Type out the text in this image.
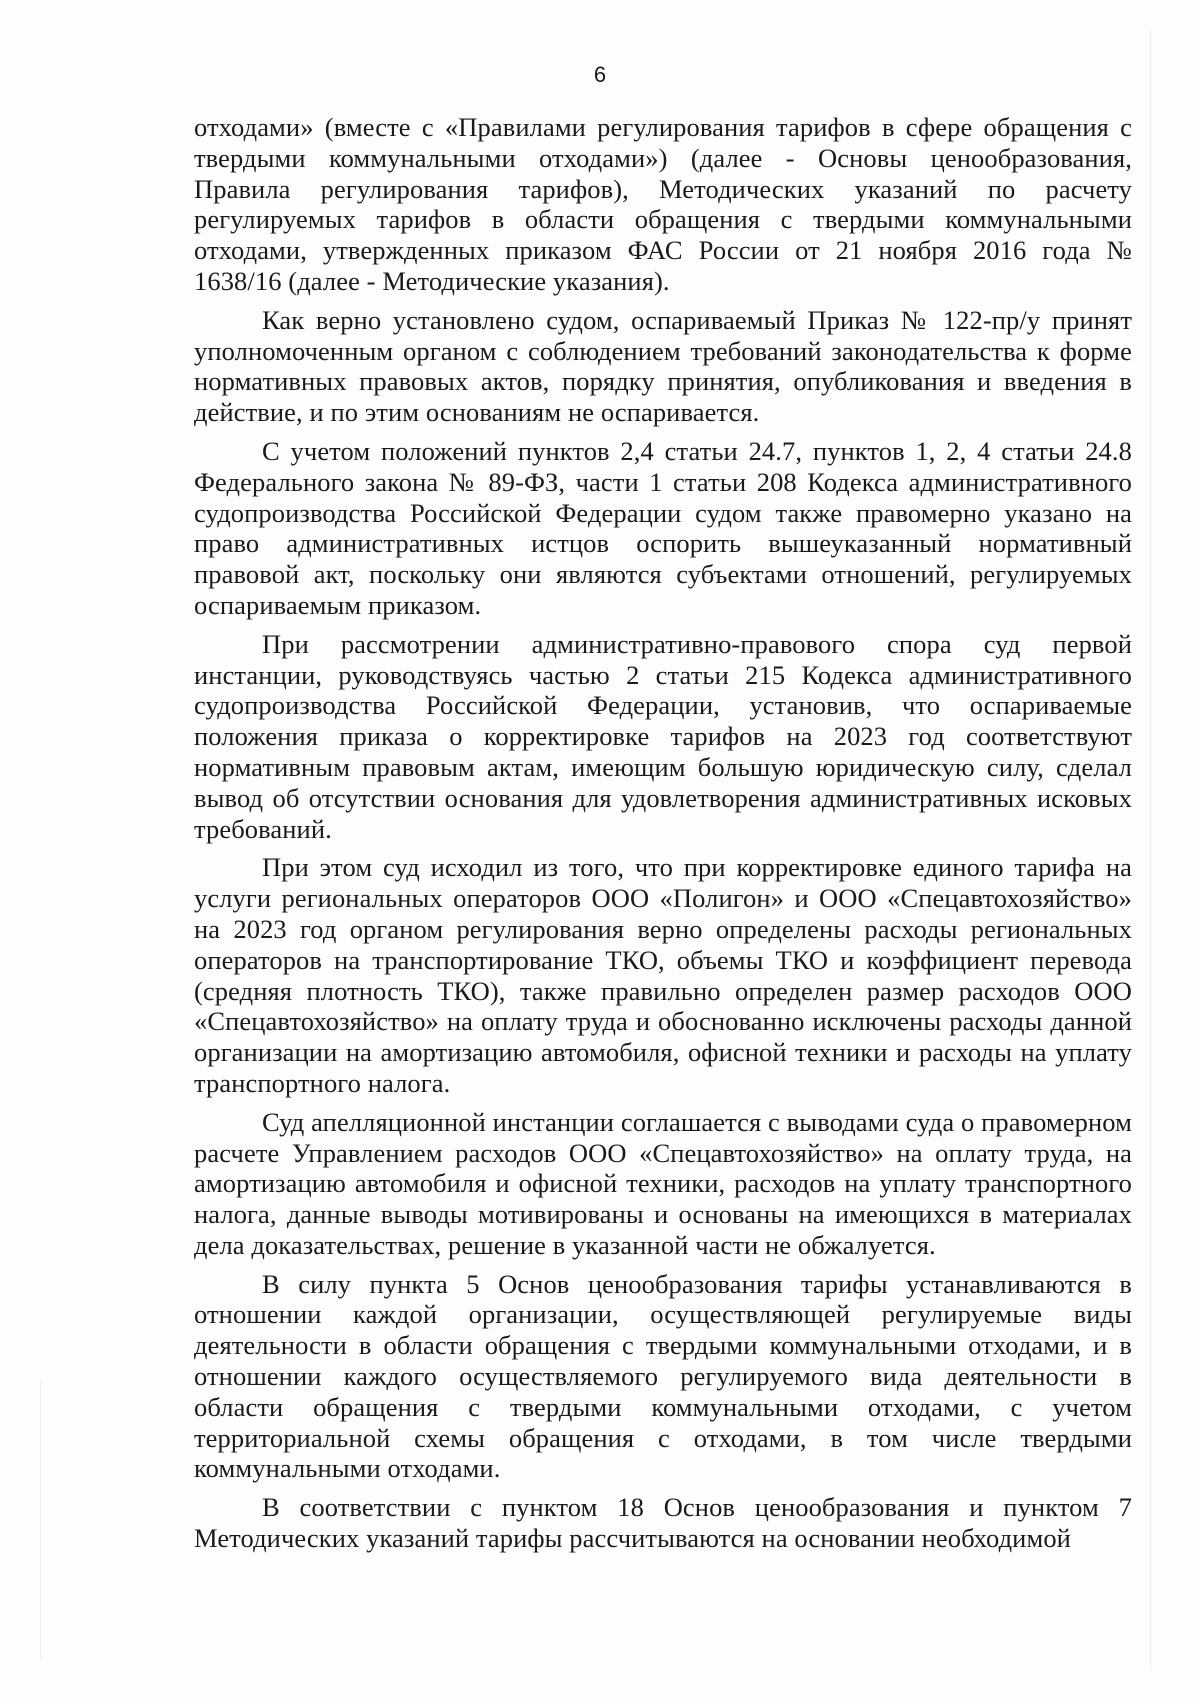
6

отходами» (вместе с «Правилами регулирования тарифов в сфере обращения с твердыми коммунальными отходами») (далее - Основы ценообразования, Правила регулирования тарифов), Методических указаний по расчету регулируемых тарифов в области обращения с твердыми коммунальными отходами, утвержденных приказом ФАС России от 21 ноября 2016 года № 1638/16 (далее - Методические указания).

Как верно установлено судом, оспариваемый Приказ № 122-пр/у принят уполномоченным органом с соблюдением требований законодательства к форме нормативных правовых актов, порядку принятия, опубликования и введения в действие, и по этим основаниям не оспаривается.

С учетом положений пунктов 2,4 статьи 24.7, пунктов 1, 2, 4 статьи 24.8 Федерального закона № 89-ФЗ, части 1 статьи 208 Кодекса административного судопроизводства Российской Федерации судом также правомерно указано на право административных истцов оспорить вышеуказанный нормативный правовой акт, поскольку они являются субъектами отношений, регулируемых оспариваемым приказом.

При рассмотрении административно-правового спора суд первой инстанции, руководствуясь частью 2 статьи 215 Кодекса административного судопроизводства Российской Федерации, установив, что оспариваемые положения приказа о корректировке тарифов на 2023 год соответствуют нормативным правовым актам, имеющим большую юридическую силу, сделал вывод об отсутствии основания для удовлетворения административных исковых требований.

При этом суд исходил из того, что при корректировке единого тарифа на услуги региональных операторов ООО «Полигон» и ООО «Спецавтохозяйство» на 2023 год органом регулирования верно определены расходы региональных операторов на транспортирование ТКО, объемы ТКО и коэффициент перевода (средняя плотность ТКО), также правильно определен размер расходов ООО «Спецавтохозяйство» на оплату труда и обоснованно исключены расходы данной организации на амортизацию автомобиля, офисной техники и расходы на уплату транспортного налога.

Суд апелляционной инстанции соглашается с выводами суда о правомерном расчете Управлением расходов ООО «Спецавтохозяйство» на оплату труда, на амортизацию автомобиля и офисной техники, расходов на уплату транспортного налога, данные выводы мотивированы и основаны на имеющихся в материалах дела доказательствах, решение в указанной части не обжалуется.

В силу пункта 5 Основ ценообразования тарифы устанавливаются в отношении каждой организации, осуществляющей регулируемые виды деятельности в области обращения с твердыми коммунальными отходами, и в отношении каждого осуществляемого регулируемого вида деятельности в области обращения с твердыми коммунальными отходами, с учетом территориальной схемы обращения с отходами, в том числе твердыми коммунальными отходами.

В соответствии с пунктом 18 Основ ценообразования и пунктом 7 Методических указаний тарифы рассчитываются на основании необходимой
